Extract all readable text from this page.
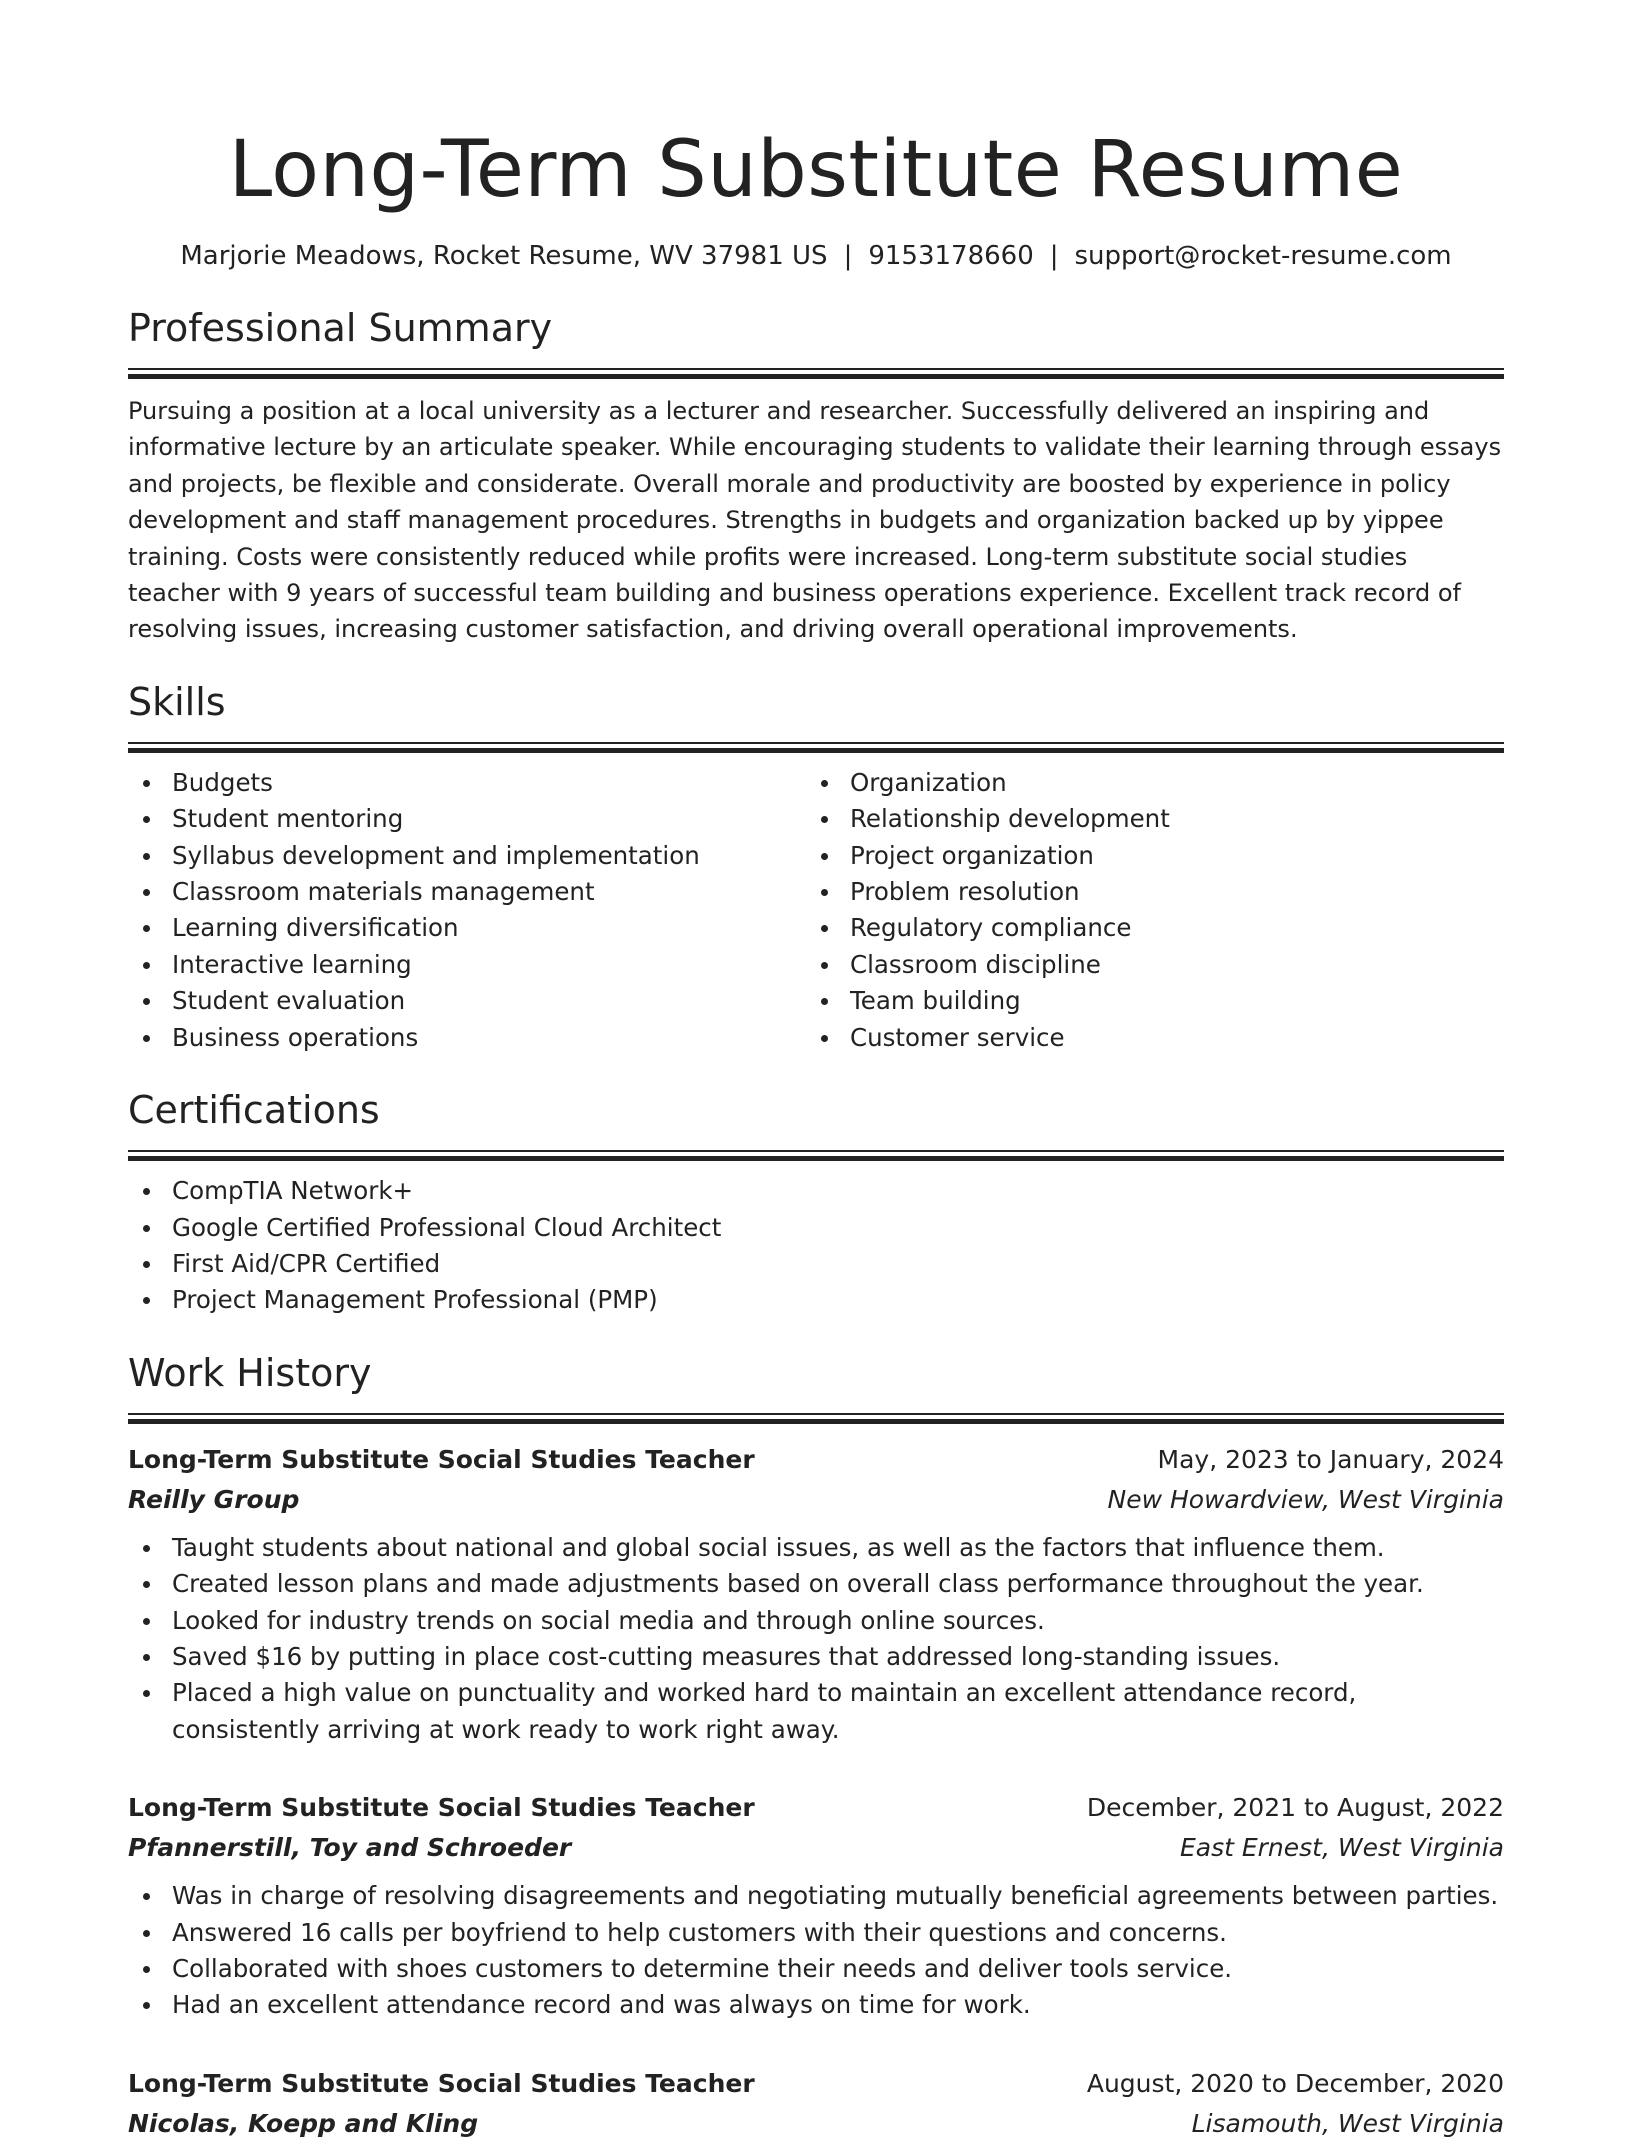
Long-Term Substitute Resume
Marjorie Meadows, Rocket Resume, WV 37981 US | 9153178660 | support@rocket-resume.com
Professional Summary

Pursuing a position at a local university as a lecturer and researcher. Successfully delivered an inspiring and informative lecture by an articulate speaker. While encouraging students to validate their learning through essays and projects, be flexible and considerate. Overall morale and productivity are boosted by experience in policy development and staff management procedures. Strengths in budgets and organization backed up by yippee training. Costs were consistently reduced while profits were increased. Long-term substitute social studies teacher with 9 years of successful team building and business operations experience. Excellent track record of resolving issues, increasing customer satisfaction, and driving overall operational improvements.

Skills
Budgets
Student mentoring
Syllabus development and implementation
Classroom materials management
Learning diversification
Interactive learning
Student evaluation
Business operations
Organization
Relationship development
Project organization
Problem resolution
Regulatory compliance
Classroom discipline
Team building
Customer service
Certifications
CompTIA Network+
Google Certified Professional Cloud Architect
First Aid/CPR Certified
Project Management Professional (PMP)
Work History
Long-Term Substitute Social Studies Teacher	May, 2023 to January, 2024
Reilly Group	New Howardview, West Virginia
Taught students about national and global social issues, as well as the factors that influence them.
Created lesson plans and made adjustments based on overall class performance throughout the year.
Looked for industry trends on social media and through online sources.
Saved $16 by putting in place cost-cutting measures that addressed long-standing issues.
Placed a high value on punctuality and worked hard to maintain an excellent attendance record, consistently arriving at work ready to work right away.
Long-Term Substitute Social Studies Teacher	December, 2021 to August, 2022
Pfannerstill, Toy and Schroeder	East Ernest, West Virginia
Was in charge of resolving disagreements and negotiating mutually beneficial agreements between parties.
Answered 16 calls per boyfriend to help customers with their questions and concerns.
Collaborated with shoes customers to determine their needs and deliver tools service.
Had an excellent attendance record and was always on time for work.
Long-Term Substitute Social Studies Teacher	August, 2020 to December, 2020
Nicolas, Koepp and Kling	Lisamouth, West Virginia
